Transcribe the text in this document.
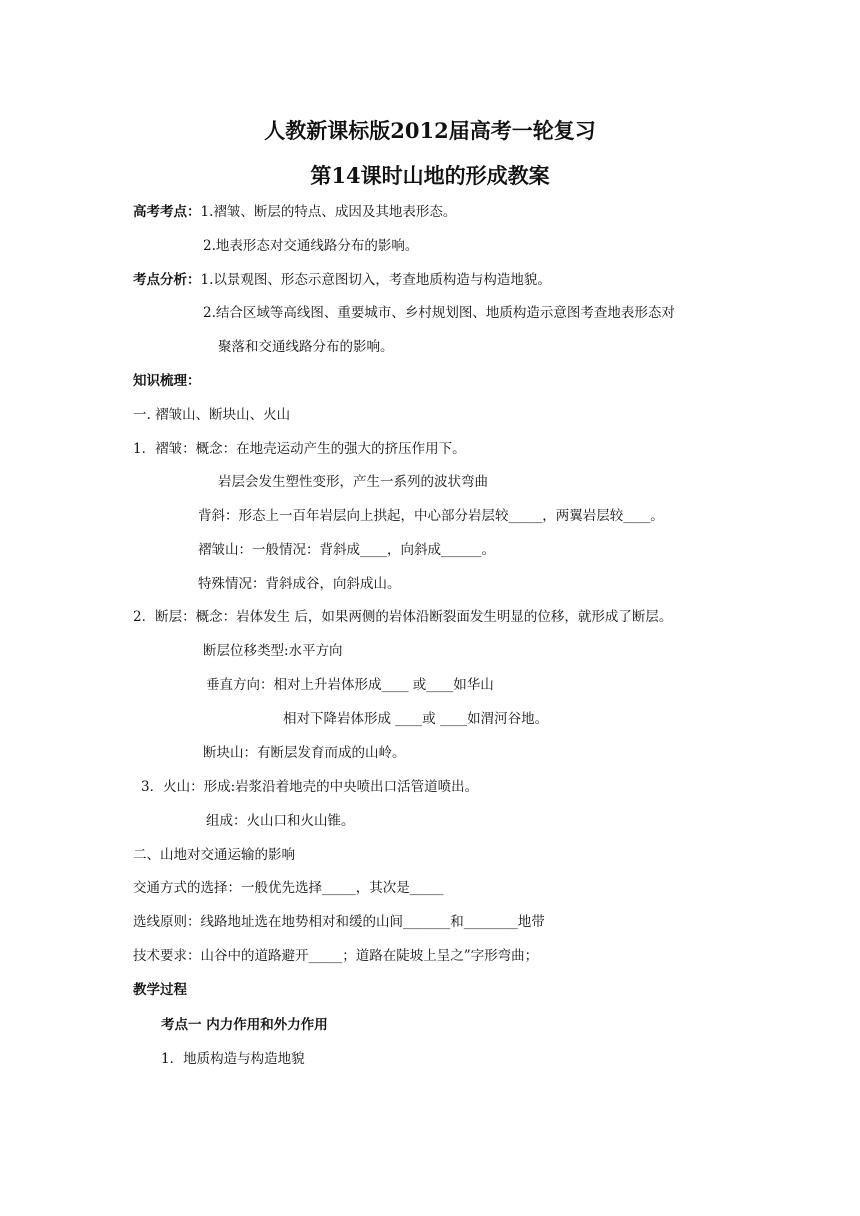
人教新课标版2012届高考一轮复习
第14课时山地的形成教案
高考考点：1.褶皱、断层的特点、成因及其地表形态。
2.地表形态对交通线路分布的影响。
考点分析：1.以景观图、形态示意图切入，考查地质构造与构造地貌。
2.结合区域等高线图、重要城市、乡村规划图、地质构造示意图考查地表形态对
聚落和交通线路分布的影响。
知识梳理：
一. 褶皱山、断块山、火山
1．褶皱：概念：在地壳运动产生的强大的挤压作用下。
岩层会发生塑性变形，产生一系列的波状弯曲
背斜：形态上一百年岩层向上拱起，中心部分岩层较_____，两翼岩层较____。
褶皱山：一般情况：背斜成____，向斜成______。
特殊情况：背斜成谷，向斜成山。
2．断层：概念：岩体发生 后，如果两侧的岩体沿断裂面发生明显的位移，就形成了断层。
断层位移类型:水平方向
垂直方向：相对上升岩体形成____ 或____如华山
相对下降岩体形成 ____或 ____如渭河谷地。
断块山：有断层发育而成的山岭。
3．火山：形成:岩浆沿着地壳的中央喷出口活管道喷出。
组成：火山口和火山锥。
二、山地对交通运输的影响
交通方式的选择：一般优先选择_____，其次是_____
选线原则：线路地址选在地势相对和缓的山间_______和________地带
技术要求：山谷中的道路避开_____；道路在陡坡上呈之”字形弯曲；
教学过程
考点一 内力作用和外力作用
1．地质构造与构造地貌
